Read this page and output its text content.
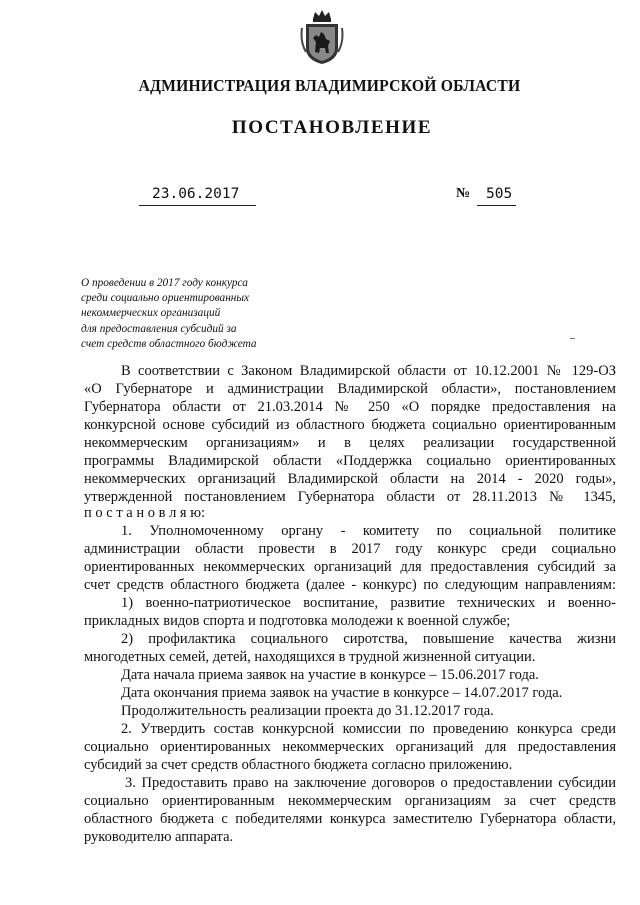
АДМИНИСТРАЦИЯ ВЛАДИМИРСКОЙ ОБЛАСТИ
ПОСТАНОВЛЕНИЕ
23.06.2017	№ 505
О проведении в 2017 году конкурса
среди социально ориентированных
некоммерческих организаций
для предоставления субсидий за
счет средств областного бюджета
В соответствии с Законом Владимирской области от 10.12.2001 № 129-ОЗ
«О Губернаторе и администрации Владимирской области», постановлением
Губернатора области от 21.03.2014 № 250 «О порядке предоставления на
конкурсной основе субсидий из областного бюджета социально ориентированным
некоммерческим организациям» и в целях реализации государственной
программы Владимирской области «Поддержка социально ориентированных
некоммерческих организаций Владимирской области на 2014 - 2020 годы»,
утвержденной постановлением Губернатора области от 28.11.2013 № 1345,
п о с т а н о в л я ю:
1. Уполномоченному органу - комитету по социальной политике
администрации области провести в 2017 году конкурс среди социально
ориентированных некоммерческих организаций для предоставления субсидий за
счет средств областного бюджета (далее - конкурс) по следующим направлениям:
1) военно-патриотическое воспитание, развитие технических и военно-
прикладных видов спорта и подготовка молодежи к военной службе;
2) профилактика социального сиротства, повышение качества жизни
многодетных семей, детей, находящихся в трудной жизненной ситуации.
Дата начала приема заявок на участие в конкурсе – 15.06.2017 года.
Дата окончания приема заявок на участие в конкурсе – 14.07.2017 года.
Продолжительность реализации проекта до 31.12.2017 года.
2. Утвердить состав конкурсной комиссии по проведению конкурса среди
социально ориентированных некоммерческих организаций для предоставления
субсидий за счет средств областного бюджета согласно приложению.
3. Предоставить право на заключение договоров о предоставлении субсидии
социально ориентированным некоммерческим организациям за счет средств
областного бюджета с победителями конкурса заместителю Губернатора области,
руководителю аппарата.
